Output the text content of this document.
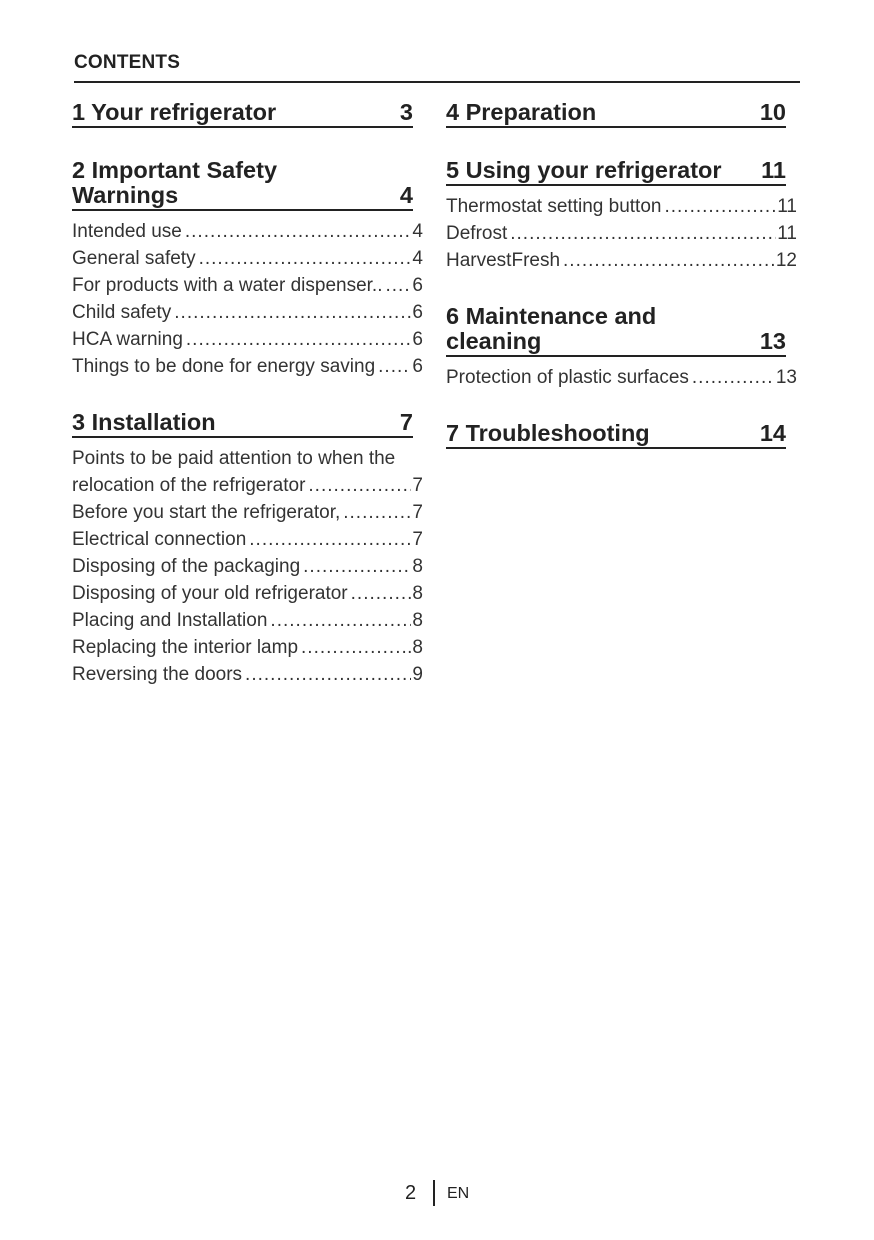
CONTENTS
1 Your refrigerator	3
2 Important Safety
Warnings	4
Intended use .....	4
General safety .....	4
For products with a water dispenser.. ..... 6
Child safety .....	6
HCA warning .....	6
Things to be done for energy saving ..... 6
3 Installation	7
Points to be paid attention to when the
relocation of the refrigerator .....	7
Before you start the refrigerator, .....	7
Electrical connection .....	7
Disposing of the packaging .....	8
Disposing of your old refrigerator .....	8
Placing and Installation .....	8
Replacing the interior lamp .....	.8
Reversing the doors .....	9
4 Preparation	10
5 Using your refrigerator 11
Thermostat setting button .....	11
Defrost .....	11
HarvestFresh .....	12
6 Maintenance and
cleaning	13
Protection of plastic surfaces .....	13
7 Troubleshooting	14
2 EN
